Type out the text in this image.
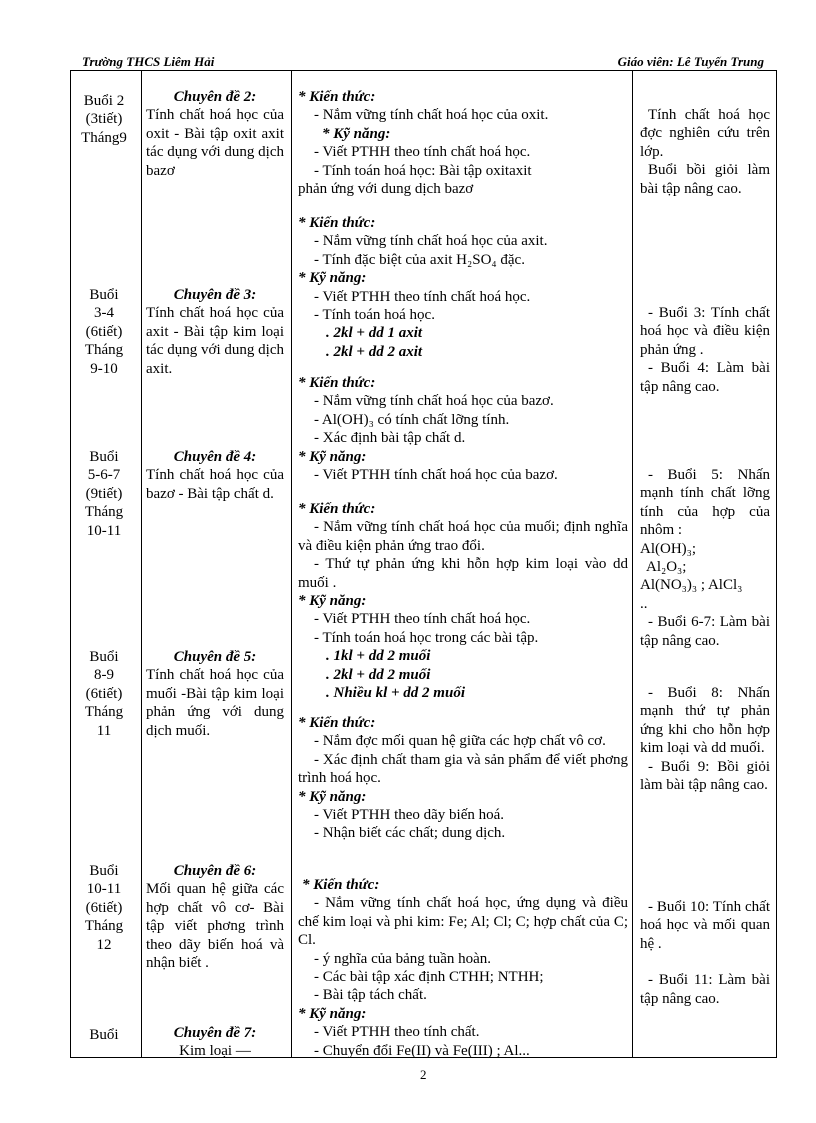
Trường THCS Liêm Hải	Giáo viên: Lê Tuyến Trung
Buổi 2
(3tiết)
Tháng9
Buổi
3-4
(6tiết)
Tháng
9-10
Buổi
5-6-7
(9tiết)
Tháng
10-11
Buổi
8-9
(6tiết)
Tháng
11
Buổi
10-11
(6tiết)
Tháng
12
Buổi
Chuyên đề 2:
Tính chất hoá học của oxit - Bài tập oxit axit tác dụng với dung dịch bazơ
Chuyên đề 3:
Tính chất hoá học của axit - Bài tập kim loại tác dụng với dung dịch axit.
Chuyên đề 4:
Tính chất hoá học của bazơ - Bài tập chất d.
Chuyên đề 5:
Tính chất hoá học của muối -Bài tập kim loại phản ứng với dung dịch muối.
Chuyên đề 6:
Mối quan hệ giữa các hợp chất vô cơ- Bài tập viết phơng trình theo dãy biến hoá và nhận biết .
Chuyên đề 7:
Kim loại —
* Kiến thức:
- Nắm vững tính chất hoá học của oxit.
* Kỹ năng:
- Viết PTHH theo tính chất hoá học.
- Tính toán hoá học: Bài tập oxitaxit
phản ứng với dung dịch bazơ
* Kiến thức:
- Nắm vững tính chất hoá học của axit.
- Tính đặc biệt của axit H₂SO₄ đặc.
* Kỹ năng:
- Viết PTHH theo tính chất hoá học.
- Tính toán hoá học.
. 2kl + dd 1 axit
. 2kl + dd 2 axit
* Kiến thức:
- Nắm vững tính chất hoá học của bazơ.
- Al(OH)₃ có tính chất lỡng tính.
- Xác định bài tập chất d.
* Kỹ năng:
- Viết PTHH tính chất hoá học của bazơ.
* Kiến thức:
- Nắm vững tính chất hoá học của muối; định nghĩa và điều kiện phản ứng trao đổi.
- Thứ tự phản ứng khi hỗn hợp kim loại vào dd muối .
* Kỹ năng:
- Viết PTHH theo tính chất hoá học.
- Tính toán hoá học trong các bài tập.
. 1kl + dd 2 muối
. 2kl + dd 2 muối
. Nhiều kl + dd 2 muối
* Kiến thức:
- Nắm đợc mối quan hệ giữa các hợp chất vô cơ.
- Xác định chất tham gia và sản phẩm để viết phơng trình hoá học.
* Kỹ năng:
- Viết PTHH theo dãy biến hoá.
- Nhận biết các chất; dung dịch.
* Kiến thức:
- Nắm vững tính chất hoá học, ứng dụng và điều chế kim loại và phi kim: Fe; Al; Cl; C; hợp chất của C; Cl.
- ý nghĩa của bảng tuần hoàn.
- Các bài tập xác định CTHH; NTHH;
- Bài tập tách chất.
* Kỹ năng:
- Viết PTHH theo tính chất.
- Chuyển đổi Fe(II) và Fe(III) ; Al...
Tính chất hoá học đợc nghiên cứu trên lớp.
Buổi bồi giỏi làm bài tập nâng cao.
- Buổi 3: Tính chất hoá học và điều kiện phản ứng .
- Buổi 4: Làm bài tập nâng cao.
- Buổi 5: Nhấn mạnh tính chất lỡng tính của hợp của nhôm :
Al(OH)₃;
Al₂O₃;
Al(NO₃)₃ ; AlCl₃
..
- Buổi 6-7: Làm bài tập nâng cao.
- Buổi 8: Nhấn mạnh thứ tự phản ứng khi cho hỗn hợp kim loại và dd muối.
- Buổi 9: Bồi giỏi làm bài tập nâng cao.
- Buổi 10: Tính chất hoá học và mối quan hệ .
- Buổi 11: Làm bài tập nâng cao.
2
